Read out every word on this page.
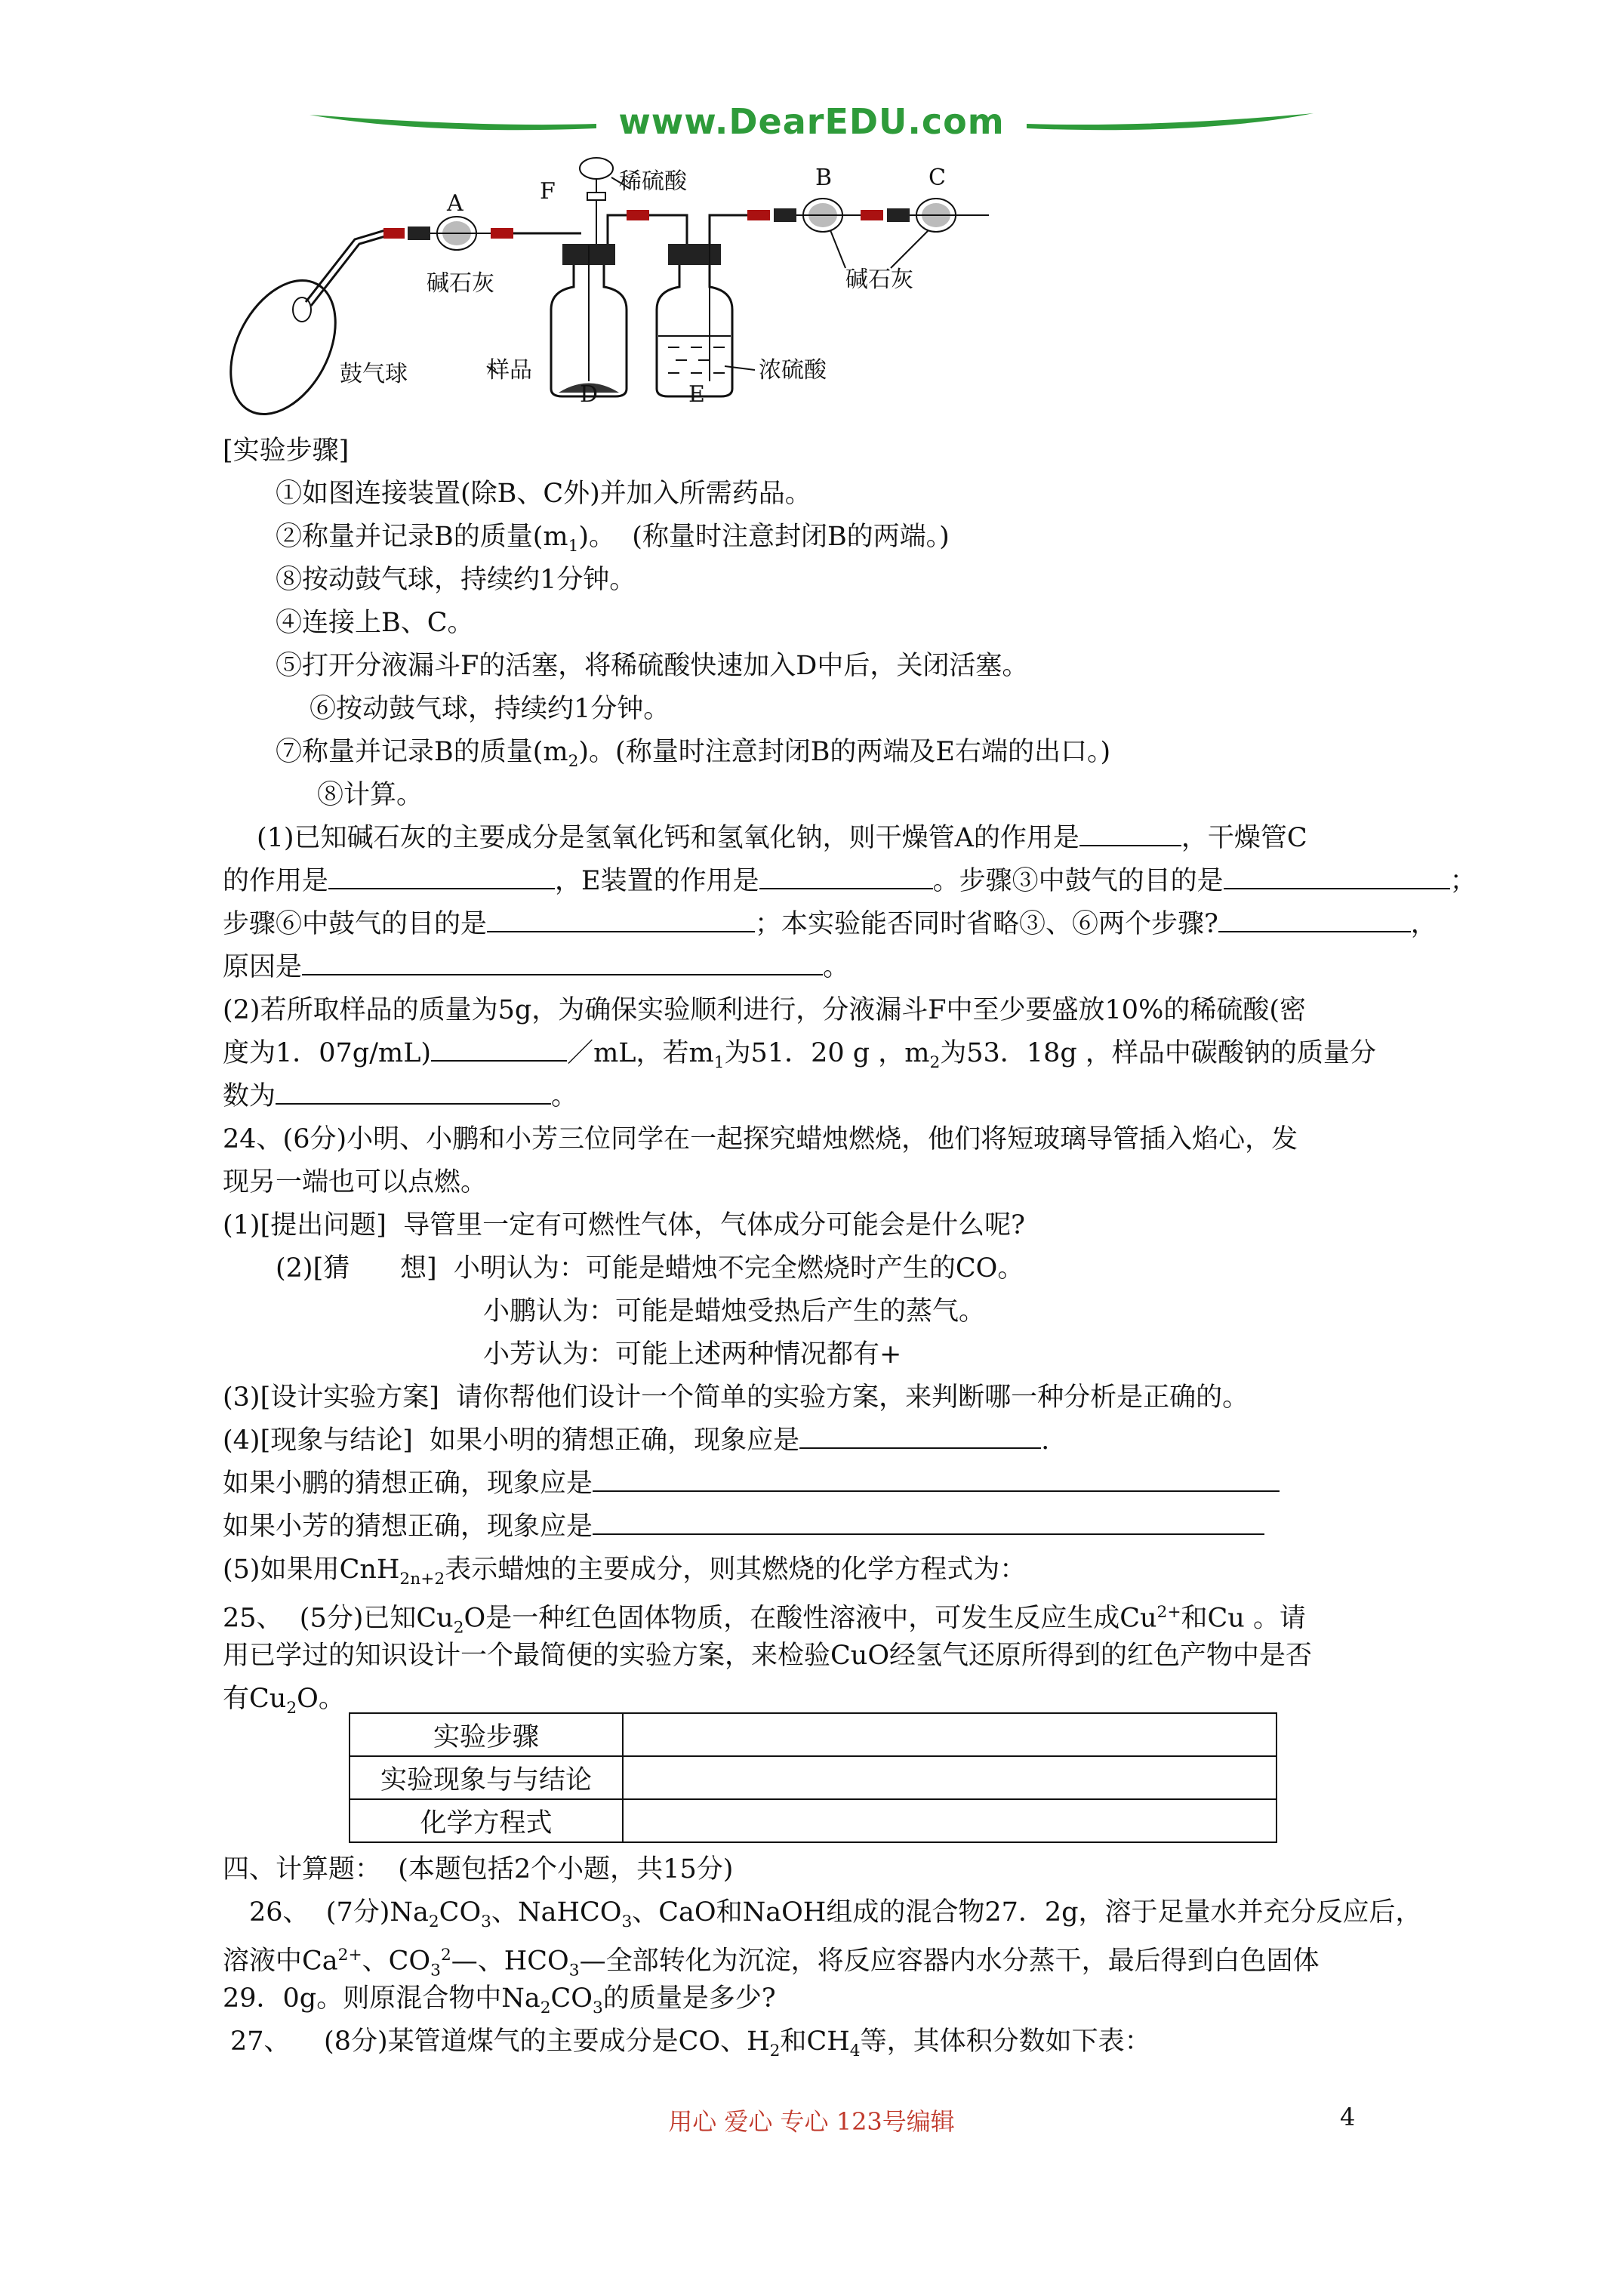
www.DearEDU.com
A	F	稀硫酸	B	C
碱石灰	碱石灰
鼓气球	样品
D	E
浓硫酸
[实验步骤]
①如图连接装置(除B、C外)并加入所需药品。
②称量并记录B的质量$(m_1)$。  (称量时注意封闭B的两端。)
⑧按动鼓气球，持续约1分钟。
④连接上B、C。
⑤打开分液漏斗F的活塞，将稀硫酸快速加入D中后，关闭活塞。
⑥按动鼓气球，持续约1分钟。
⑦称量并记录B的质量$(m_2)$。(称量时注意封闭B的两端及E右端的出口。)
⑧计算。
(1)已知碱石灰的主要成分是氢氧化钙和氢氧化钠，则干燥管A的作用是	，干燥管C
的作用是	，E装置的作用是	。步骤③中鼓气的目的是	；
步骤⑥中鼓气的目的是	；本实验能否同时省略③、⑥两个步骤?	，
原因是	。
(2)若所取样品的质量为5g，为确保实验顺利进行，分液漏斗F中至少要盛放10%的稀硫酸(密
度为1．07g/mL)	／mL，若$m_1$为51．20 g ，$m_2$为53．18g ，样品中碳酸钠的质量分
数为	。
24、(6分)小明、小鹏和小芳三位同学在一起探究蜡烛燃烧，他们将短玻璃导管插入焰心，发
现另一端也可以点燃。
(1)[提出问题]  导管里一定有可燃性气体，气体成分可能会是什么呢?
(2)[猜      想]  小明认为：可能是蜡烛不完全燃烧时产生的CO。
小鹏认为：可能是蜡烛受热后产生的蒸气。
小芳认为：可能上述两种情况都有+
(3)[设计实验方案]  请你帮他们设计一个简单的实验方案，来判断哪一种分析是正确的。
(4)[现象与结论]  如果小明的猜想正确，现象应是	.
如果小鹏的猜想正确，现象应是
如果小芳的猜想正确，现象应是
(5)如果用CnH$_{2n+2}$表示蜡烛的主要成分，则其燃烧的化学方程式为：
25、  (5分)已知$Cu_2O$是一种红色固体物质，在酸性溶液中，可发生反应生成$Cu^{2+}$和Cu 。请
用已学过的知识设计一个最简便的实验方案，来检验CuO经氢气还原所得到的红色产物中是否
有$Cu_2O$。
实验步骤	
实验现象与与结论	
化学方程式	
四、计算题：  (本题包括2个小题，共15分)
26、  (7分)$Na_2CO_3$、NaHCO$_3$、CaO和NaOH组成的混合物27．2g，溶于足量水并充分反应后，
溶液中$Ca^{2+}$、$CO_3^2—$、$HCO_3—$全部转化为沉淀，将反应容器内水分蒸干，最后得到白色固体
29．0g。则原混合物中$Na_2CO_3$的质量是多少?
27、    (8分)某管道煤气的主要成分是CO、$H_2$和$CH_4$等，其体积分数如下表：
用心 爱心 专心 123号编辑	4
